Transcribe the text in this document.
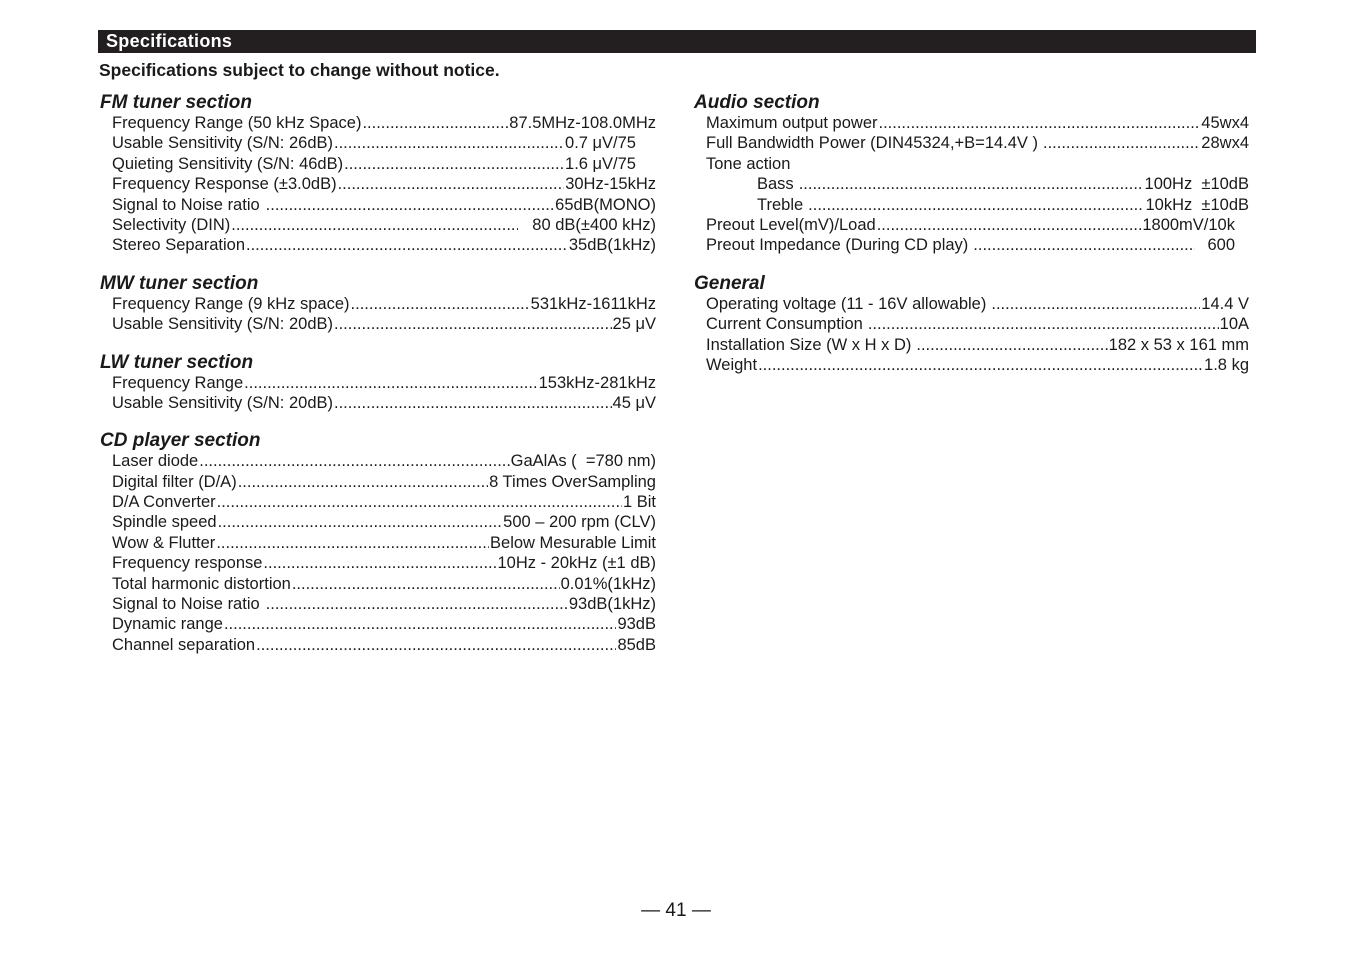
Specifications
Specifications subject to change without notice.
FM tuner section
Frequency Range (50 kHz Space) .....	87.5MHz-108.0MHz
Usable Sensitivity (S/N: 26dB) .....	0.7 μV/75
Quieting Sensitivity (S/N: 46dB) .....	1.6 μV/75
Frequency Response (±3.0dB) .....	30Hz-15kHz
Signal to Noise ratio .....	65dB(MONO)
Selectivity (DIN) .....	80 dB(±400 kHz)
Stereo Separation .....	35dB(1kHz)
MW tuner section
Frequency Range (9 kHz space) .....	531kHz-1611kHz
Usable Sensitivity (S/N: 20dB) .....	25 μV
LW tuner section
Frequency Range .....	153kHz-281kHz
Usable Sensitivity (S/N: 20dB) .....	45 μV
CD player section
Laser diode .....	GaAlAs (  =780 nm)
Digital filter (D/A) .....	8 Times OverSampling
D/A Converter .....	1 Bit
Spindle speed .....	500 – 200 rpm (CLV)
Wow & Flutter .....	Below Mesurable Limit
Frequency response .....	10Hz - 20kHz (±1 dB)
Total harmonic distortion .....	0.01%(1kHz)
Signal to Noise ratio .....	93dB(1kHz)
Dynamic range .....	93dB
Channel separation .....	85dB
Audio section
Maximum output power .....	45wx4
Full Bandwidth Power (DIN45324,+B=14.4V ) .....	28wx4
Tone action
Bass .....	100Hz  ±10dB
Treble .....	10kHz  ±10dB
Preout Level(mV)/Load .....	1800mV/10k
Preout Impedance (During CD play) .....	600
General
Operating voltage (11 - 16V allowable) .....	14.4 V
Current Consumption .....	10A
Installation Size (W x H x D) .....	182 x 53 x 161 mm
Weight .....	1.8 kg
— 41 —
